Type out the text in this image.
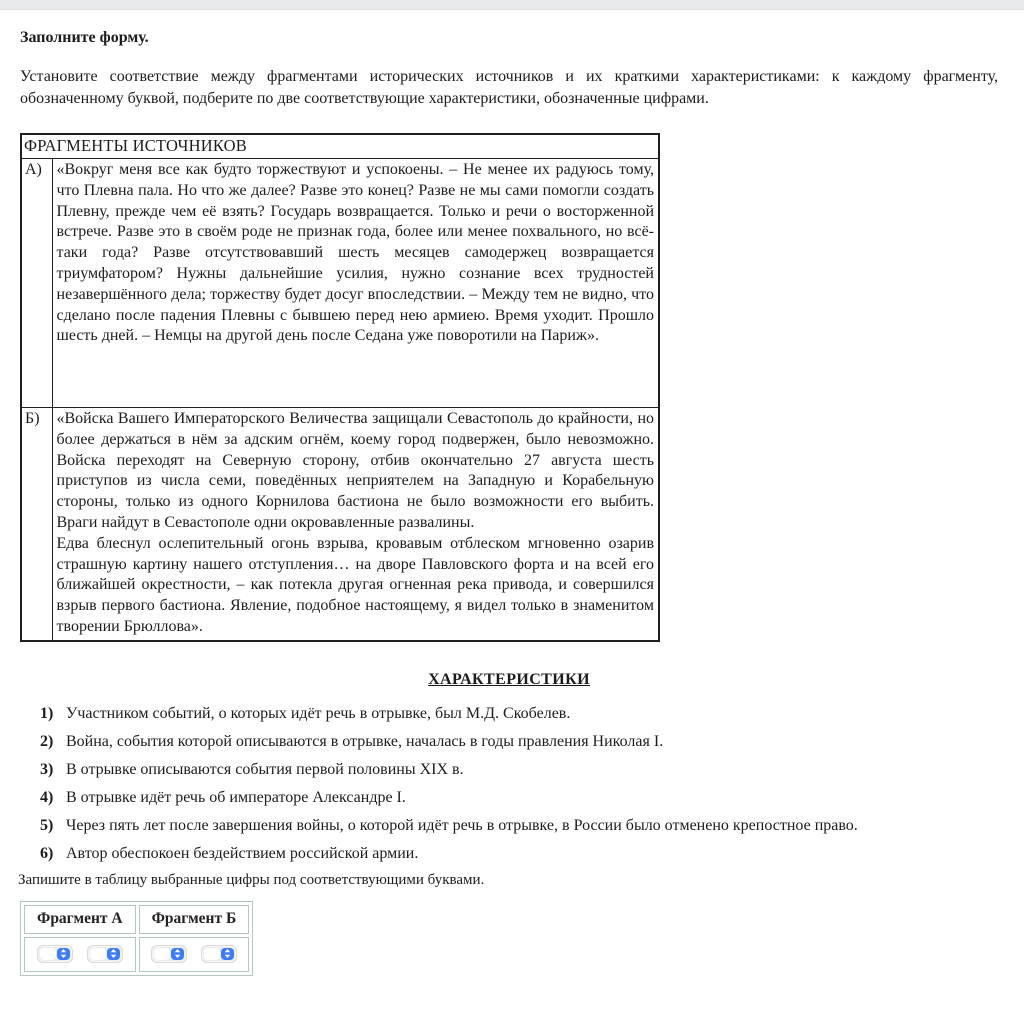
Заполните форму.
Установите соответствие между фрагментами исторических источников и их краткими характеристиками: к каждому фрагменту, обозначенному буквой, подберите по две соответствующие характеристики, обозначенные цифрами.
ФРАГМЕНТЫ ИСТОЧНИКОВ	
А)	«Вокруг меня все как будто торжествуют и успокоены. – Не менее их радуюсь тому, что Плевна пала. Но что же далее? Разве это конец? Разве не мы сами помогли создать Плевну, прежде чем её взять? Государь возвращается. Только и речи о восторженной встрече. Разве это в своём роде не признак года, более или менее похвального, но всё-таки года? Разве отсутствовавший шесть месяцев самодержец возвращается триумфатором? Нужны дальнейшие усилия, нужно сознание всех трудностей незавершённого дела; торжеству будет досуг впоследствии. – Между тем не видно, что сделано после падения Плевны с бывшею перед нею армиею. Время уходит. Прошло шесть дней. – Немцы на другой день после Седана уже поворотили на Париж».

Б)	«Войска Вашего Императорского Величества защищали Севастополь до крайности, но более держаться в нём за адским огнём, коему город подвержен, было невозможно. Войска переходят на Северную сторону, отбив окончательно 27 августа шесть приступов из числа семи, поведённых неприятелем на Западную и Корабельную стороны, только из одного Корнилова бастиона не было возможности его выбить. Враги найдут в Севастополе одни окровавленные развалины.
Едва блеснул ослепительный огонь взрыва, кровавым отблеском мгновенно озарив страшную картину нашего отступления… на дворе Павловского форта и на всей его ближайшей окрестности, – как потекла другая огненная река привода, и совершился взрыв первого бастиона. Явление, подобное настоящему, я видел только в знаменитом творении Брюллова».
ХАРАКТЕРИСТИКИ
1) Участником событий, о которых идёт речь в отрывке, был М.Д. Скобелев.
2) Война, события которой описываются в отрывке, началась в годы правления Николая I.
3) В отрывке описываются события первой половины XIX в.
4) В отрывке идёт речь об императоре Александре I.
5) Через пять лет после завершения войны, о которой идёт речь в отрывке, в России было отменено крепостное право.
6) Автор обеспокоен бездействием российской армии.
Запишите в таблицу выбранные цифры под соответствующими буквами.
Фрагмент А	Фрагмент Б
